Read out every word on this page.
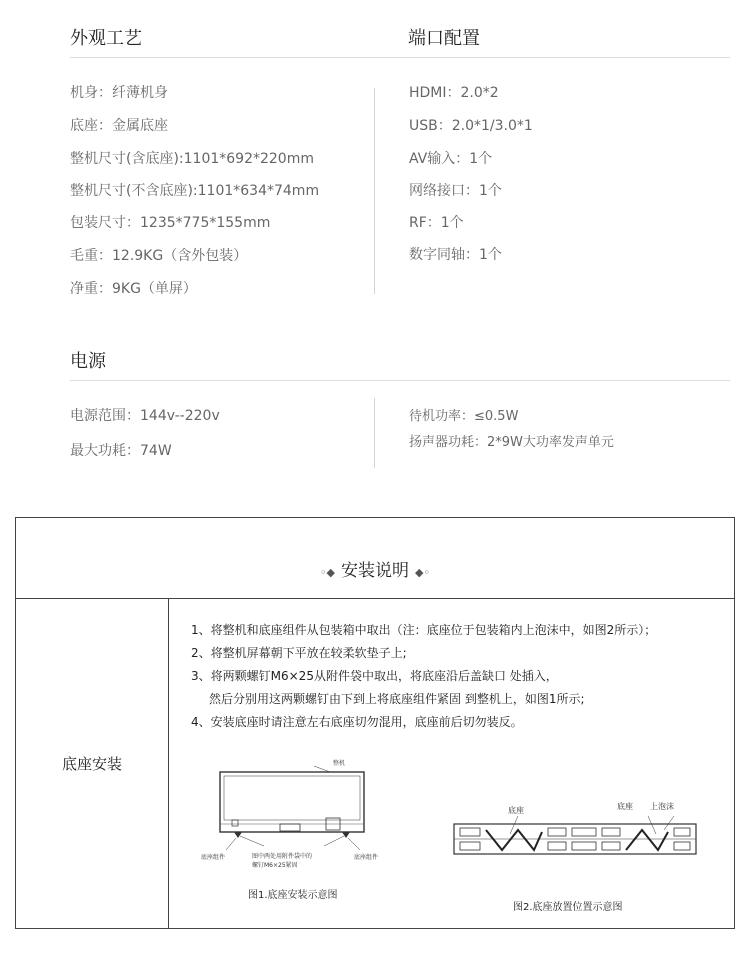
外观工艺	端口配置
机身：纤薄机身
底座：金属底座
整机尺寸(含底座):1101*692*220mm
整机尺寸(不含底座):1101*634*74mm
包装尺寸：1235*775*155mm
毛重：12.9KG（含外包装）
净重：9KG（单屏）
HDMI：2.0*2
USB：2.0*1/3.0*1
AV输入：1个
网络接口：1个
RF：1个
数字同轴：1个
电源
电源范围：144v--220v
最大功耗：74W
待机功率：≤0.5W
扬声器功耗：2*9W大功率发声单元
◦◆ 安装说明 ◆◦
底座安装
1、将整机和底座组件从包装箱中取出（注：底座位于包装箱内上泡沫中，如图2所示）；
2、将整机屏幕朝下平放在较柔软垫子上;
3、将两颗螺钉M6×25从附件袋中取出，将底座沿后盖缺口 处插入，
然后分别用这两颗螺钉由下到上将底座组件紧固 到整机上，如图1所示;
4、安装底座时请注意左右底座切勿混用，底座前后切勿装反。
整机
底座组件	底座组件
图中两处用附件袋中的
螺钉M6×25紧固
图1.底座安装示意图
底座	底座 上泡沫
图2.底座放置位置示意图
